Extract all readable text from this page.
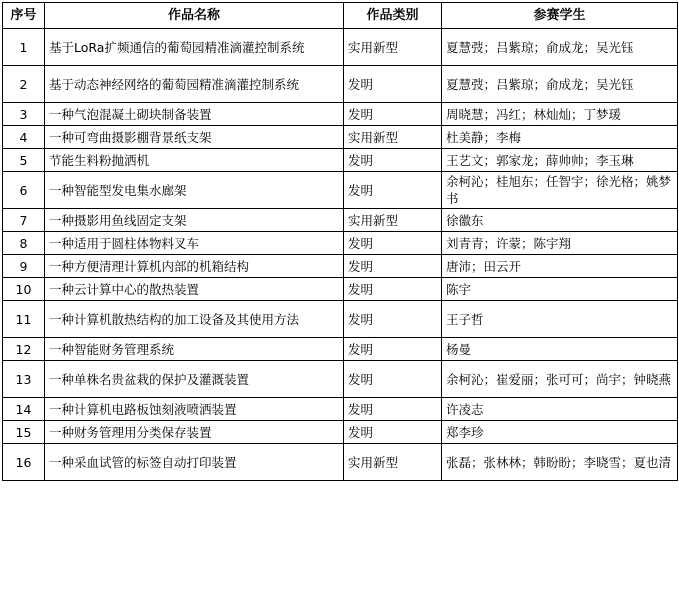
序号	作品名称	作品类别	参赛学生
1	基于LoRa扩频通信的葡萄园精准滴灌控制系统	实用新型	夏慧弢；吕紫琼；俞成龙；吴光钰
2	基于动态神经网络的葡萄园精准滴灌控制系统	发明	夏慧弢；吕紫琼；俞成龙；吴光钰
3	一种气泡混凝土砌块制备装置	发明	周晓慧；冯红；林灿灿；丁梦瑗
4	一种可弯曲摄影棚背景纸支架	实用新型	杜美静；李梅
5	节能生料粉抛洒机	发明	王艺文；郭家龙；薛帅帅；李玉琳
6	一种智能型发电集水廊架	发明	余柯沁；桂旭东；任智宇；徐光格；姚梦书
7	一种摄影用鱼线固定支架	实用新型	徐徽东
8	一种适用于圆柱体物料叉车	发明	刘青青；许蒙；陈宇翔
9	一种方便清理计算机内部的机箱结构	发明	唐沛；田云开
10	一种云计算中心的散热装置	发明	陈宇
11	一种计算机散热结构的加工设备及其使用方法	发明	王子哲
12	一种智能财务管理系统	发明	杨曼
13	一种单株名贵盆栽的保护及灌溉装置	发明	余柯沁；崔爱丽；张可可；尚宇；钟晓燕
14	一种计算机电路板蚀刻液喷洒装置	发明	许凌志
15	一种财务管理用分类保存装置	发明	郑李珍
16	一种采血试管的标签自动打印装置	实用新型	张磊；张林林；韩盼盼；李晓雪；夏也清
